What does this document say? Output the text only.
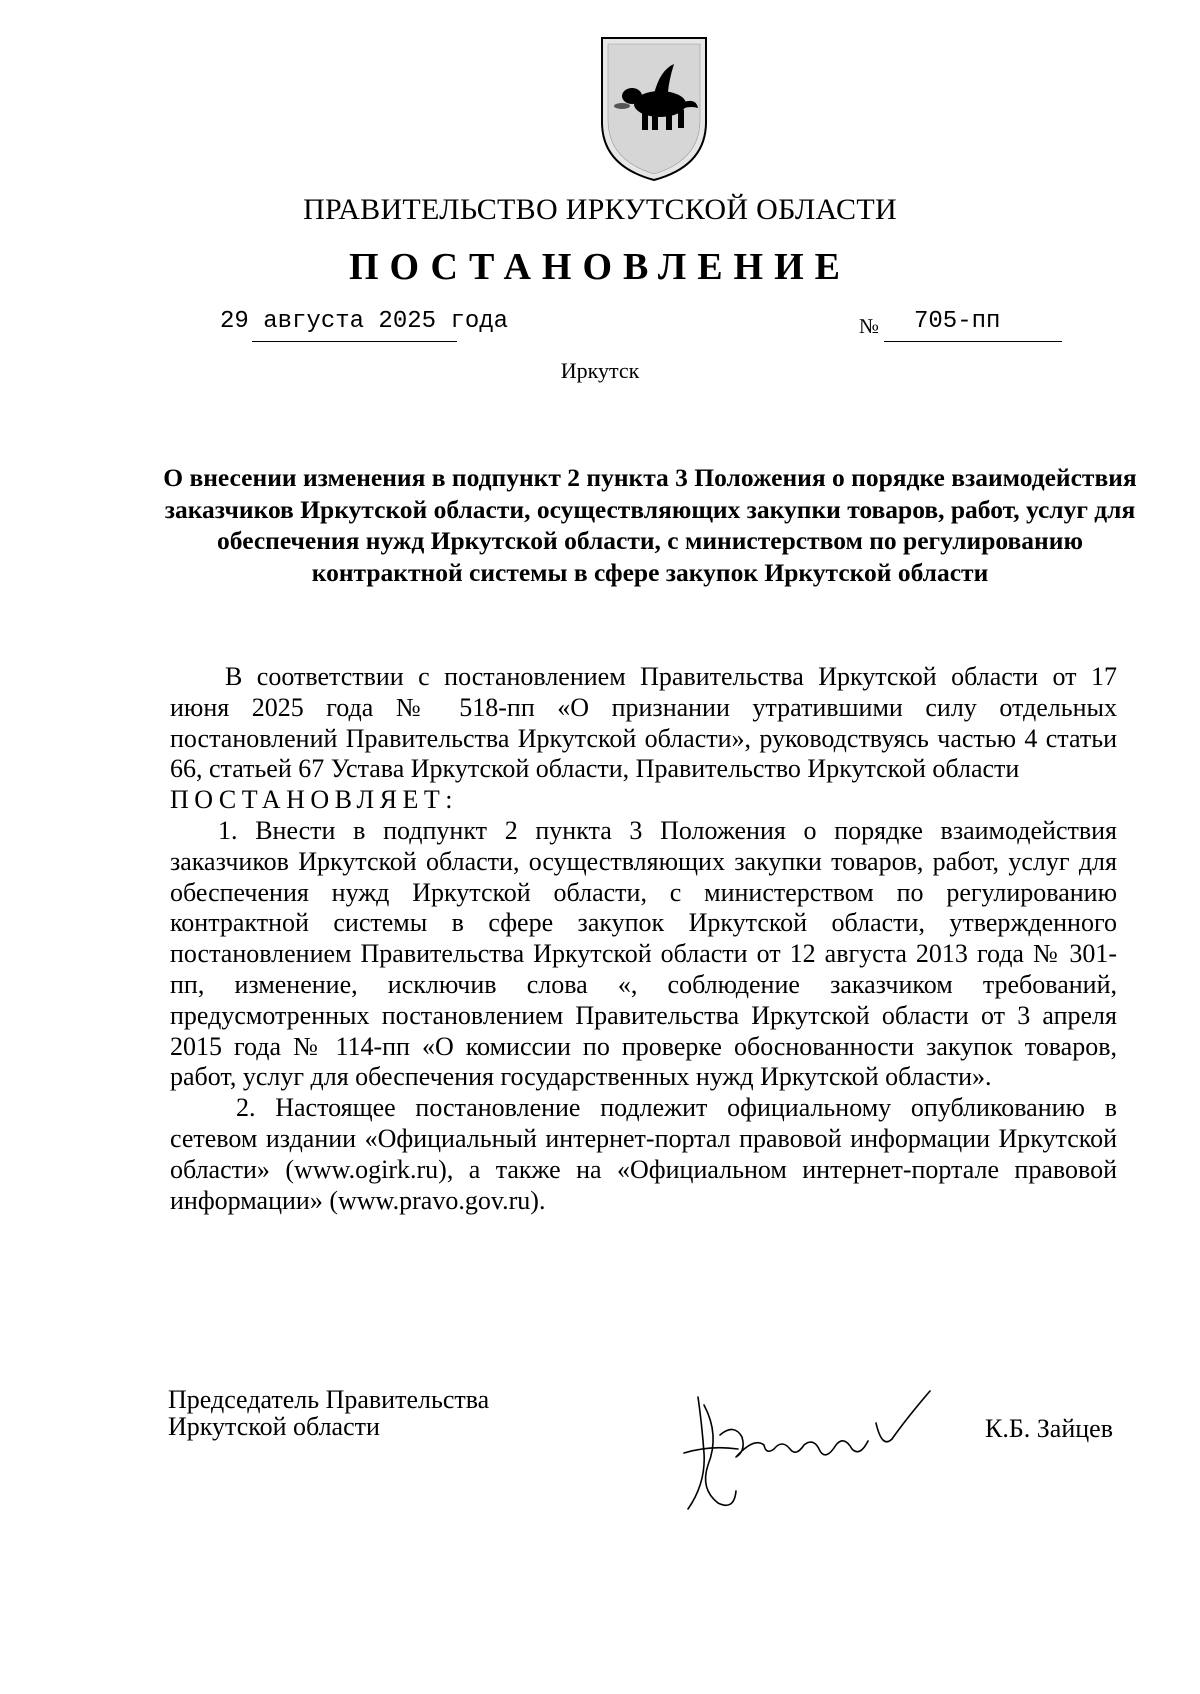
ПРАВИТЕЛЬСТВО ИРКУТСКОЙ ОБЛАСТИ
ПОСТАНОВЛЕНИЕ
29 августа 2025 года	№ 705-пп
Иркутск
О внесении изменения в подпункт 2 пункта 3 Положения о порядке взаимодействия заказчиков Иркутской области, осуществляющих закупки товаров, работ, услуг для обеспечения нужд Иркутской области, с министерством по регулированию контрактной системы в сфере закупок Иркутской области

В соответствии с постановлением Правительства Иркутской области от 17 июня 2025 года № 518-пп «О признании утратившими силу отдельных постановлений Правительства Иркутской области», руководствуясь частью 4 статьи 66, статьей 67 Устава Иркутской области, Правительство Иркутской области

ПОСТАНОВЛЯЕТ:

1. Внести в подпункт 2 пункта 3 Положения о порядке взаимодействия заказчиков Иркутской области, осуществляющих закупки товаров, работ, услуг для обеспечения нужд Иркутской области, с министерством по регулированию контрактной системы в сфере закупок Иркутской области, утвержденного постановлением Правительства Иркутской области от 12 августа 2013 года № 301-пп, изменение, исключив слова «, соблюдение заказчиком требований, предусмотренных постановлением Правительства Иркутской области от 3 апреля 2015 года № 114-пп «О комиссии по проверке обоснованности закупок товаров, работ, услуг для обеспечения государственных нужд Иркутской области».

2. Настоящее постановление подлежит официальному опубликованию в сетевом издании «Официальный интернет-портал правовой информации Иркутской области» (www.ogirk.ru), а также на «Официальном интернет-портале правовой информации» (www.pravo.gov.ru).

Председатель Правительства
Иркутской области	К.Б. Зайцев
